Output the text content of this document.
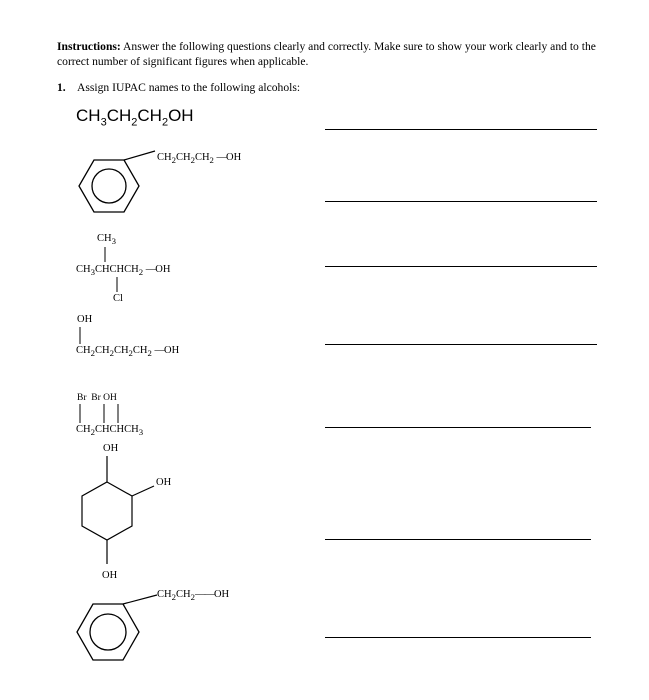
Instructions: Answer the following questions clearly and correctly. Make sure to show your work clearly and to the correct number of significant figures when applicable.
1. Assign IUPAC names to the following alcohols:
$CH_3CH_2CH_2OH$
$CH_2CH_2CH_2$ —OH
$CH_3$
$CH_3CHCHCH_2$ —OH
Cl
OH
$CH_2CH_2CH_2CH_2$ —OH
Br Br OH
$CH_2CHCHCH_3$
OH
OH
OH
$CH_2CH_2——OH$
